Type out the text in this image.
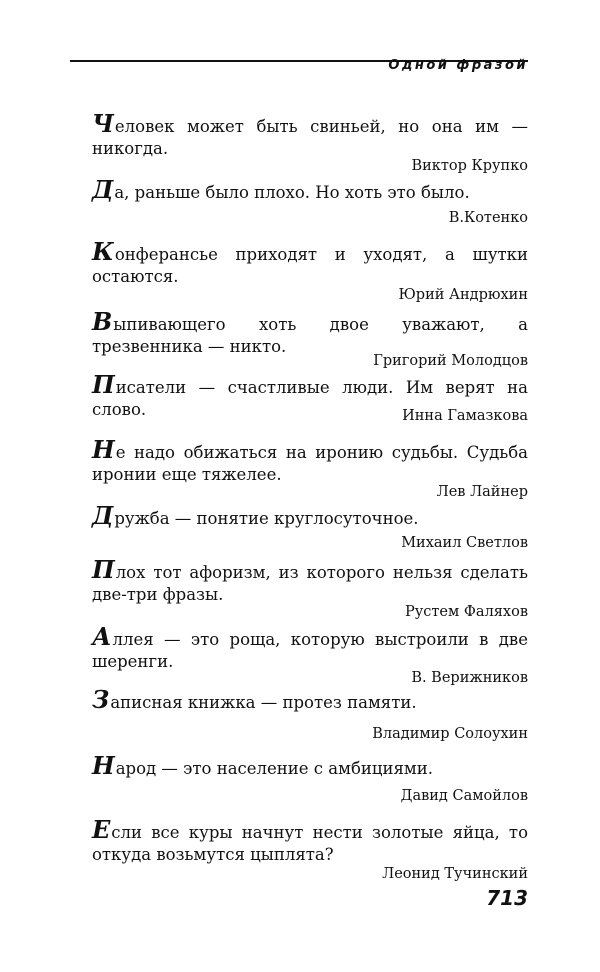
Одной фразой

Человек может быть свиньей, но она им — никогда.

Виктор Крупко

Да, раньше было плохо. Но хоть это было.

В.Котенко

Конферансье приходят и уходят, а шутки остаются.

Юрий Андрюхин

Выпивающего хоть двое уважают, а трезвенника — никто.

Григорий Молодцов

Писатели — счастливые люди. Им верят на слово.	Инна Гамазкова

Не надо обижаться на иронию судьбы. Судьба иронии еще тяжелее.

Лев Лайнер

Дружба — понятие круглосуточное.

Михаил Светлов

Плох тот афоризм, из которого нельзя сделать две-три фразы.

Рустем Фаляхов

Аллея — это роща, которую выстроили в две шеренги.

В. Верижников

Записная книжка — протез памяти.

Владимир Солоухин

Народ — это население с амбициями.

Давид Самойлов

Если все куры начнут нести золотые яйца, то откуда возьмутся цыплята?

Леонид Тучинский
713
